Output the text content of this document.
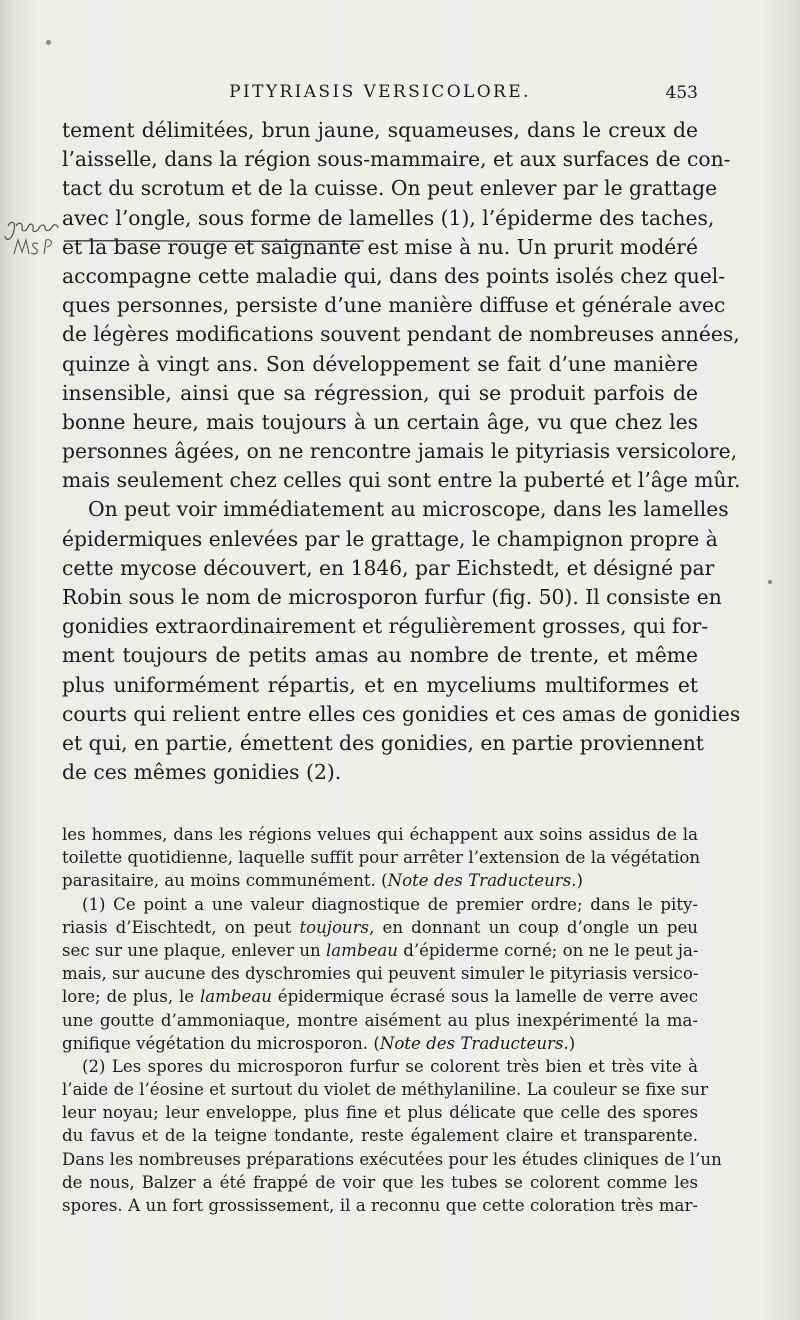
PITYRIASIS VERSICOLORE.	453
tement délimitées, brun jaune, squameuses, dans le creux de
l’aisselle, dans la région sous-mammaire, et aux surfaces de con-
tact du scrotum et de la cuisse. On peut enlever par le grattage
avec l’ongle, sous forme de lamelles (1), l’épiderme des taches,
et la base rouge et saignante est mise à nu. Un prurit modéré
accompagne cette maladie qui, dans des points isolés chez quel-
ques personnes, persiste d’une manière diffuse et générale avec
de légères modifications souvent pendant de nombreuses années,
quinze à vingt ans. Son développement se fait d’une manière
insensible, ainsi que sa régression, qui se produit parfois de
bonne heure, mais toujours à un certain âge, vu que chez les
personnes âgées, on ne rencontre jamais le pityriasis versicolore,
mais seulement chez celles qui sont entre la puberté et l’âge mûr.
On peut voir immédiatement au microscope, dans les lamelles
épidermiques enlevées par le grattage, le champignon propre à
cette mycose découvert, en 1846, par Eichstedt, et désigné par
Robin sous le nom de microsporon furfur (fig. 50). Il consiste en
gonidies extraordinairement et régulièrement grosses, qui for-
ment toujours de petits amas au nombre de trente, et même
plus uniformément répartis, et en myceliums multiformes et
courts qui relient entre elles ces gonidies et ces amas de gonidies
et qui, en partie, émettent des gonidies, en partie proviennent
de ces mêmes gonidies (2).
les hommes, dans les régions velues qui échappent aux soins assidus de la
toilette quotidienne, laquelle suffit pour arrêter l’extension de la végétation
parasitaire, au moins communément. (Note des Traducteurs.)
(1) Ce point a une valeur diagnostique de premier ordre; dans le pity-
riasis d’Eischtedt, on peut toujours, en donnant un coup d’ongle un peu
sec sur une plaque, enlever un lambeau d’épiderme corné; on ne le peut ja-
mais, sur aucune des dyschromies qui peuvent simuler le pityriasis versico-
lore; de plus, le lambeau épidermique écrasé sous la lamelle de verre avec
une goutte d’ammoniaque, montre aisément au plus inexpérimenté la ma-
gnifique végétation du microsporon. (Note des Traducteurs.)
(2) Les spores du microsporon furfur se colorent très bien et très vite à
l’aide de l’éosine et surtout du violet de méthylaniline. La couleur se fixe sur
leur noyau; leur enveloppe, plus fine et plus délicate que celle des spores
du favus et de la teigne tondante, reste également claire et transparente.
Dans les nombreuses préparations exécutées pour les études cliniques de l’un
de nous, Balzer a été frappé de voir que les tubes se colorent comme les
spores. A un fort grossissement, il a reconnu que cette coloration très mar-
